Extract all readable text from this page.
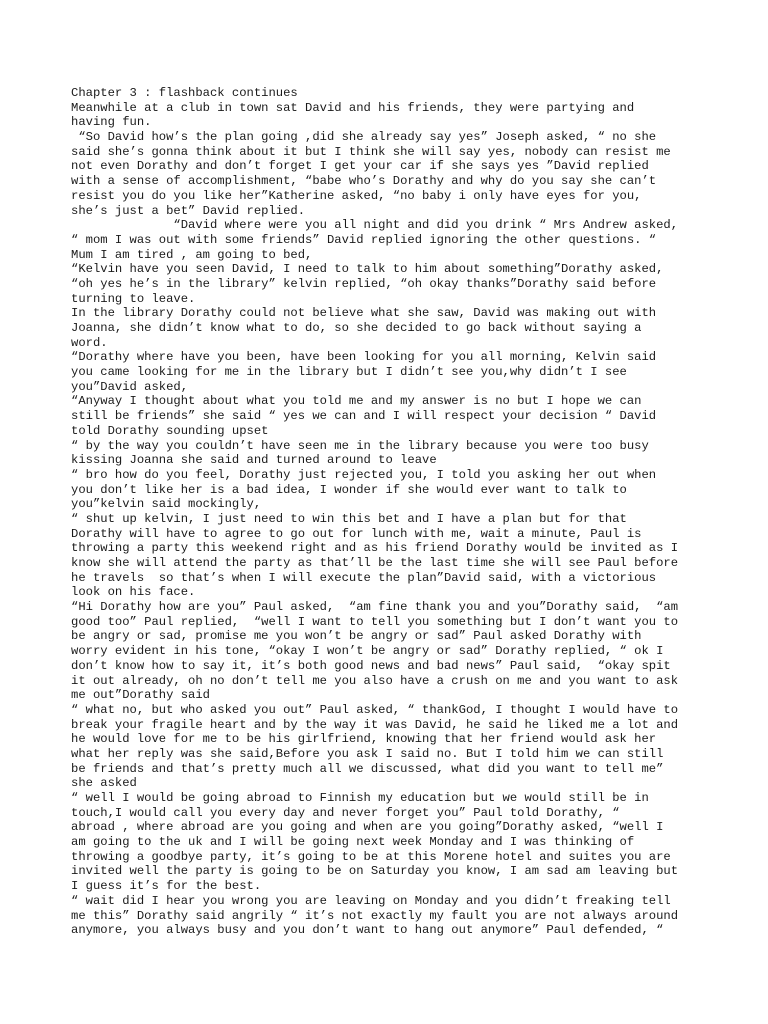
Chapter 3 : flashback continues
Meanwhile at a club in town sat David and his friends, they were partying and
having fun.
“So David how’s the plan going ,did she already say yes” Joseph asked, “ no she
said she’s gonna think about it but I think she will say yes, nobody can resist me
not even Dorathy and don’t forget I get your car if she says yes ”David replied
with a sense of accomplishment, “babe who’s Dorathy and why do you say she can’t
resist you do you like her”Katherine asked, “no baby i only have eyes for you,
she’s just a bet” David replied.
“David where were you all night and did you drink “ Mrs Andrew asked,
“ mom I was out with some friends” David replied ignoring the other questions. “
Mum I am tired , am going to bed,
“Kelvin have you seen David, I need to talk to him about something”Dorathy asked,
“oh yes he’s in the library” kelvin replied, “oh okay thanks”Dorathy said before
turning to leave.
In the library Dorathy could not believe what she saw, David was making out with
Joanna, she didn’t know what to do, so she decided to go back without saying a
word.
“Dorathy where have you been, have been looking for you all morning, Kelvin said
you came looking for me in the library but I didn’t see you,why didn’t I see
you”David asked,
“Anyway I thought about what you told me and my answer is no but I hope we can
still be friends” she said “ yes we can and I will respect your decision “ David
told Dorathy sounding upset
“ by the way you couldn’t have seen me in the library because you were too busy
kissing Joanna she said and turned around to leave
“ bro how do you feel, Dorathy just rejected you, I told you asking her out when
you don’t like her is a bad idea, I wonder if she would ever want to talk to
you”kelvin said mockingly,
“ shut up kelvin, I just need to win this bet and I have a plan but for that
Dorathy will have to agree to go out for lunch with me, wait a minute, Paul is
throwing a party this weekend right and as his friend Dorathy would be invited as I
know she will attend the party as that’ll be the last time she will see Paul before
he travels  so that’s when I will execute the plan”David said, with a victorious
look on his face.
“Hi Dorathy how are you” Paul asked,  “am fine thank you and you”Dorathy said,  “am
good too” Paul replied,  “well I want to tell you something but I don’t want you to
be angry or sad, promise me you won’t be angry or sad” Paul asked Dorathy with
worry evident in his tone, “okay I won’t be angry or sad” Dorathy replied, “ ok I
don’t know how to say it, it’s both good news and bad news” Paul said,  “okay spit
it out already, oh no don’t tell me you also have a crush on me and you want to ask
me out”Dorathy said
“ what no, but who asked you out” Paul asked, “ thankGod, I thought I would have to
break your fragile heart and by the way it was David, he said he liked me a lot and
he would love for me to be his girlfriend, knowing that her friend would ask her
what her reply was she said,Before you ask I said no. But I told him we can still
be friends and that’s pretty much all we discussed, what did you want to tell me”
she asked
“ well I would be going abroad to Finnish my education but we would still be in
touch,I would call you every day and never forget you” Paul told Dorathy, “
abroad , where abroad are you going and when are you going”Dorathy asked, “well I
am going to the uk and I will be going next week Monday and I was thinking of
throwing a goodbye party, it’s going to be at this Morene hotel and suites you are
invited well the party is going to be on Saturday you know, I am sad am leaving but
I guess it’s for the best.
“ wait did I hear you wrong you are leaving on Monday and you didn’t freaking tell
me this” Dorathy said angrily “ it’s not exactly my fault you are not always around
anymore, you always busy and you don’t want to hang out anymore” Paul defended, “
